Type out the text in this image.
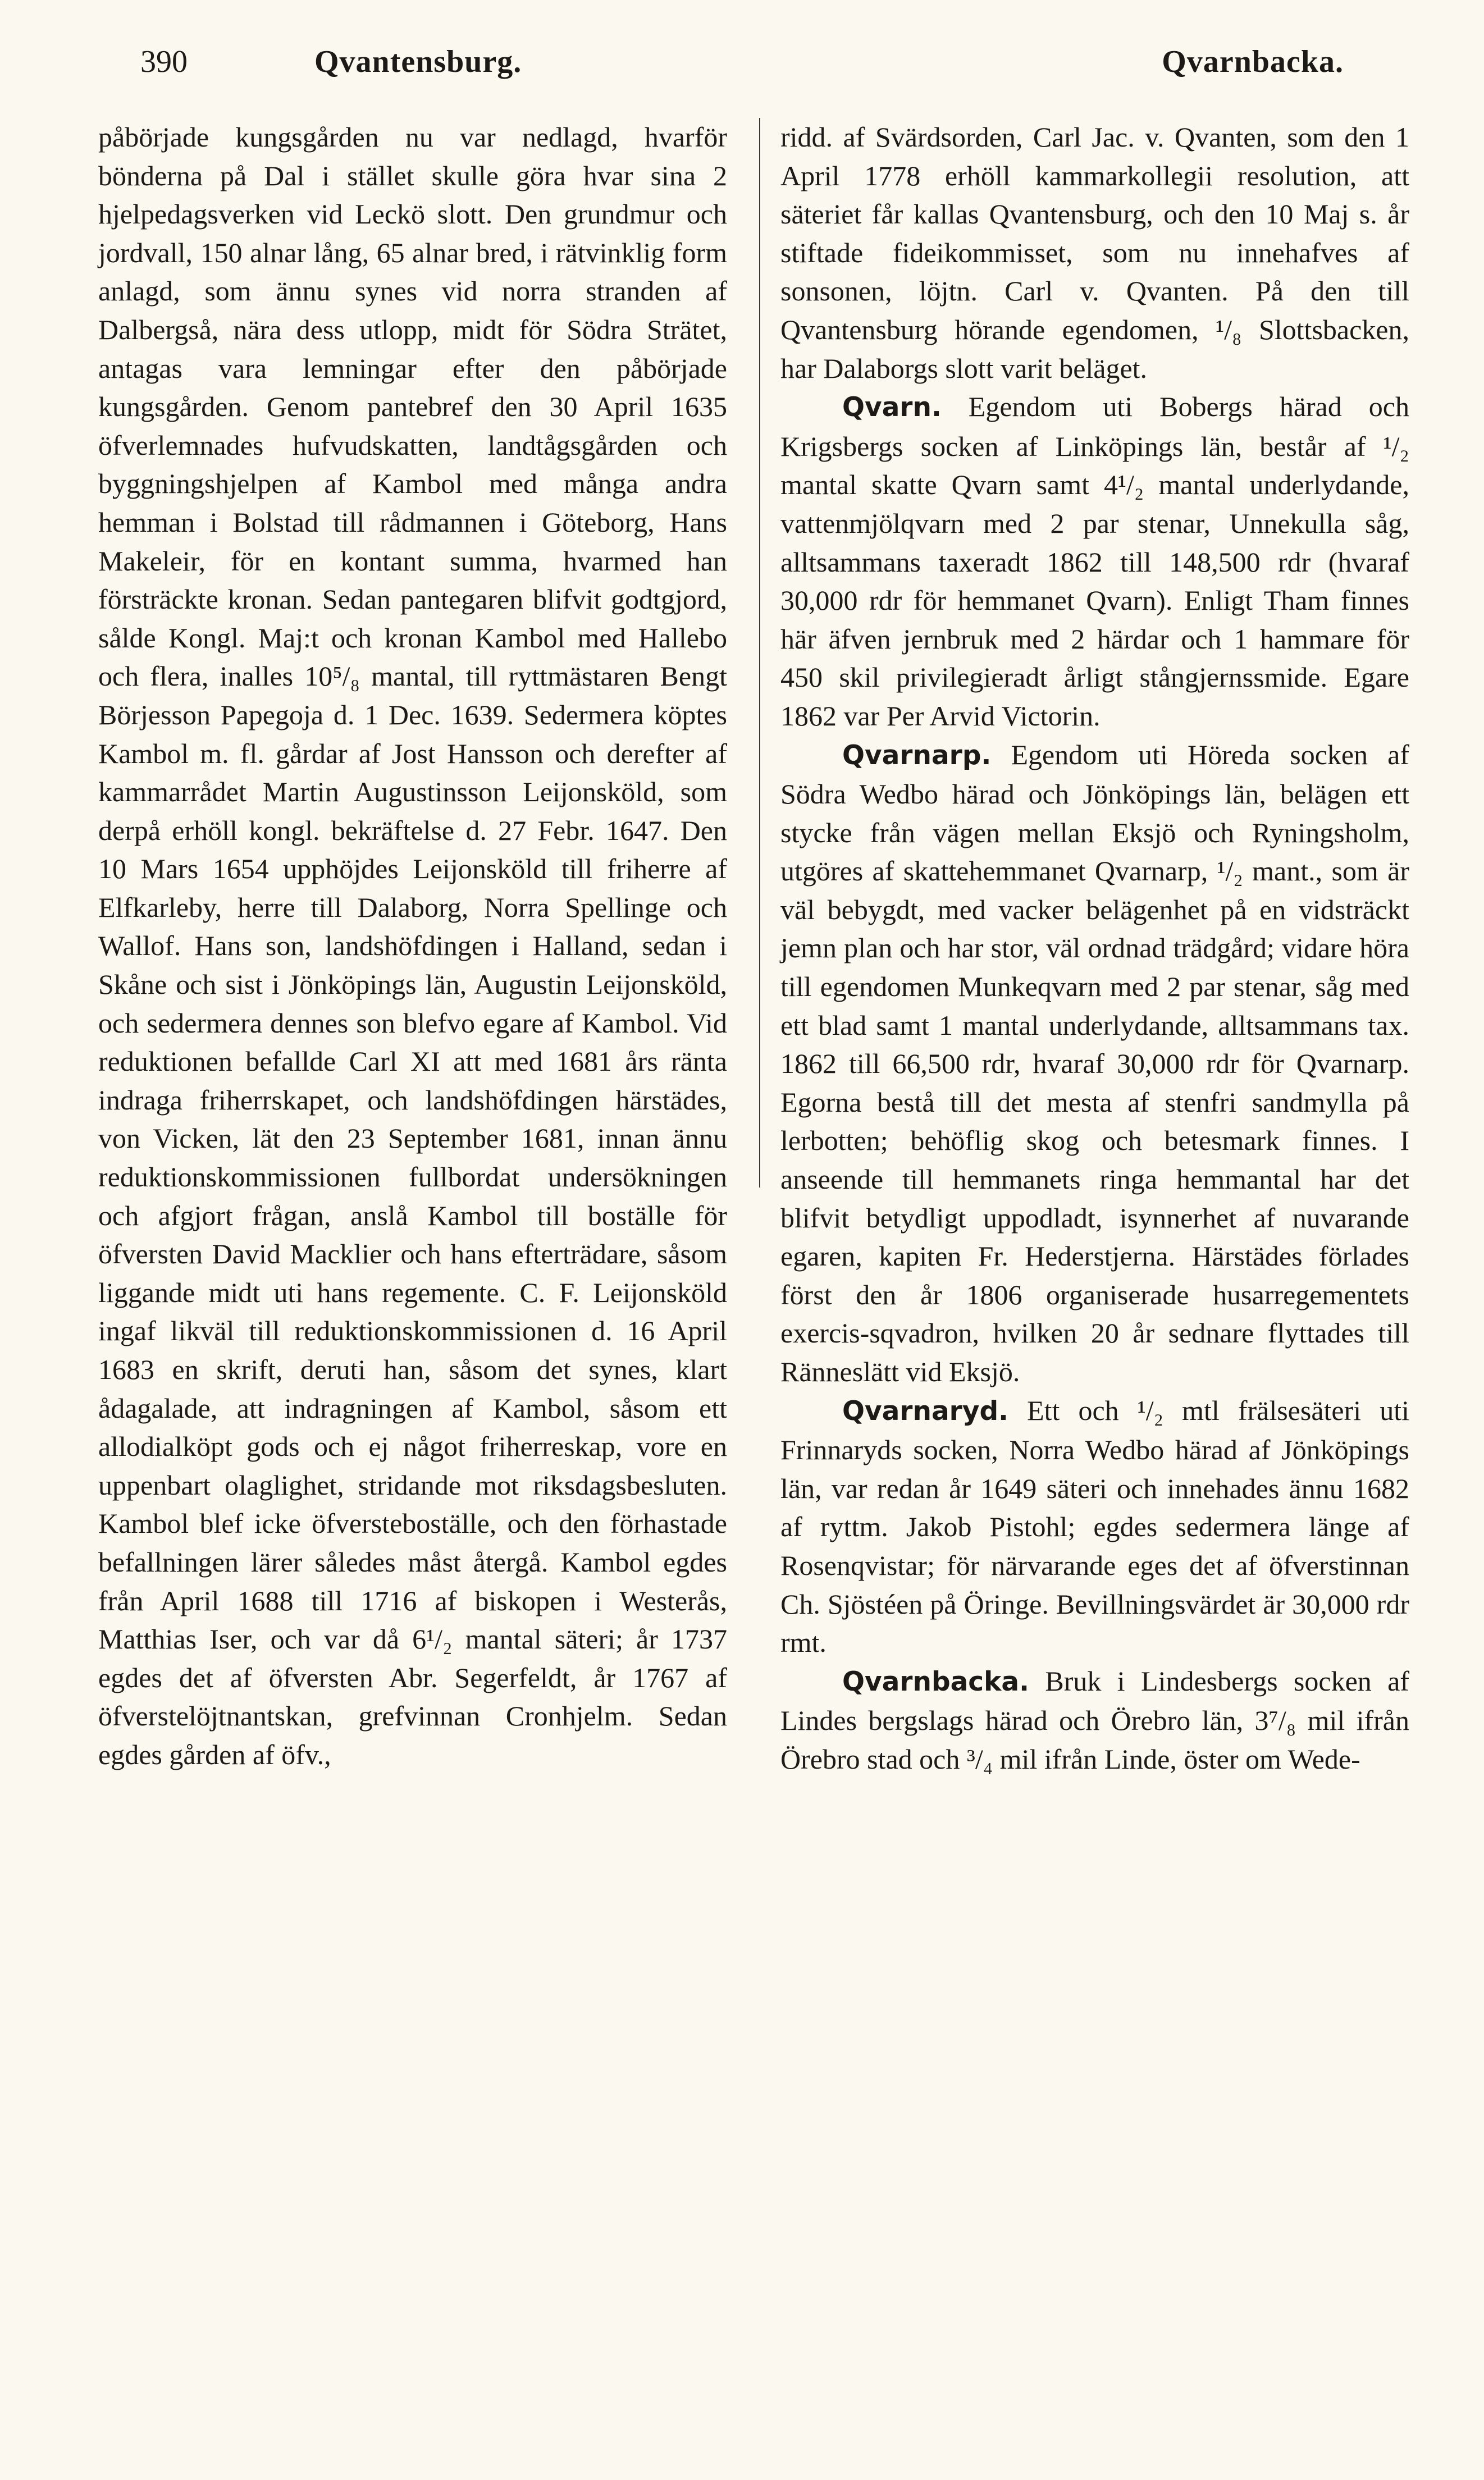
390	Qvantensburg.	Qvarnbacka.

påbörjade kungsgården nu var nedlagd, hvarför bönderna på Dal i stället skulle göra hvar sina 2 hjelpedagsverken vid Leckö slott. Den grundmur och jordvall, 150 alnar lång, 65 alnar bred, i rätvinklig form anlagd, som ännu synes vid norra stranden af Dalbergså, nära dess utlopp, midt för Södra Strätet, antagas vara lemningar efter den påbörjade kungsgården. Genom pantebref den 30 April 1635 öfverlemnades hufvudskatten, landtågsgården och byggningshjelpen af Kambol med många andra hemman i Bolstad till rådmannen i Göteborg, Hans Makeleir, för en kontant summa, hvarmed han försträckte kronan. Sedan pantegaren blifvit godtgjord, sålde Kongl. Maj:t och kronan Kambol med Hallebo och flera, inalles 10⁵/₈ mantal, till ryttmästaren Bengt Börjesson Papegoja d. 1 Dec. 1639. Sedermera köptes Kambol m. fl. gårdar af Jost Hansson och derefter af kammarrådet Martin Augustinsson Leijonsköld, som derpå erhöll kongl. bekräftelse d. 27 Febr. 1647. Den 10 Mars 1654 upphöjdes Leijonsköld till friherre af Elfkarleby, herre till Dalaborg, Norra Spellinge och Wallof. Hans son, landshöfdingen i Halland, sedan i Skåne och sist i Jönköpings län, Augustin Leijonsköld, och sedermera dennes son blefvo egare af Kambol. Vid reduktionen befallde Carl XI att med 1681 års ränta indraga friherrskapet, och landshöfdingen härstädes, von Vicken, lät den 23 September 1681, innan ännu reduktionskommissionen fullbordat undersökningen och afgjort frågan, anslå Kambol till boställe för öfversten David Macklier och hans efterträdare, såsom liggande midt uti hans regemente. C. F. Leijonsköld ingaf likväl till reduktionskommissionen d. 16 April 1683 en skrift, deruti han, såsom det synes, klart ådagalade, att indragningen af Kambol, såsom ett allodialköpt gods och ej något friherreskap, vore en uppenbart olaglighet, stridande mot riksdagsbesluten. Kambol blef icke öfversteboställe, och den förhastade befallningen lärer således måst återgå. Kambol egdes från April 1688 till 1716 af biskopen i Westerås, Matthias Iser, och var då 6¹/₂ mantal säteri; år 1737 egdes det af öfversten Abr. Segerfeldt, år 1767 af öfverstelöjtnantskan, grefvinnan Cronhjelm. Sedan egdes gården af öfv.,

ridd. af Svärdsorden, Carl Jac. v. Qvanten, som den 1 April 1778 erhöll kammarkollegii resolution, att säteriet får kallas Qvantensburg, och den 10 Maj s. år stiftade fideikommisset, som nu innehafves af sonsonen, löjtn. Carl v. Qvanten. På den till Qvantensburg hörande egendomen, ¹/₈ Slottsbacken, har Dalaborgs slott varit beläget.

Qvarn. Egendom uti Bobergs härad och Krigsbergs socken af Linköpings län, består af ¹/₂ mantal skatte Qvarn samt 4¹/₂ mantal underlydande, vattenmjölqvarn med 2 par stenar, Unnekulla såg, alltsammans taxeradt 1862 till 148,500 rdr (hvaraf 30,000 rdr för hemmanet Qvarn). Enligt Tham finnes här äfven jernbruk med 2 härdar och 1 hammare för 450 skil privilegieradt årligt stångjernssmide. Egare 1862 var Per Arvid Victorin.

Qvarnarp. Egendom uti Höreda socken af Södra Wedbo härad och Jönköpings län, belägen ett stycke från vägen mellan Eksjö och Ryningsholm, utgöres af skattehemmanet Qvarnarp, ¹/₂ mant., som är väl bebygdt, med vacker belägenhet på en vidsträckt jemn plan och har stor, väl ordnad trädgård; vidare höra till egendomen Munkeqvarn med 2 par stenar, såg med ett blad samt 1 mantal underlydande, alltsammans tax. 1862 till 66,500 rdr, hvaraf 30,000 rdr för Qvarnarp. Egorna bestå till det mesta af stenfri sandmylla på lerbotten; behöflig skog och betesmark finnes. I anseende till hemmanets ringa hemmantal har det blifvit betydligt uppodladt, isynnerhet af nuvarande egaren, kapiten Fr. Hederstjerna. Härstädes förlades först den år 1806 organiserade husarregementets exercis-sqvadron, hvilken 20 år sednare flyttades till Ränneslätt vid Eksjö.

Qvarnaryd. Ett och ¹/₂ mtl frälsesäteri uti Frinnaryds socken, Norra Wedbo härad af Jönköpings län, var redan år 1649 säteri och innehades ännu 1682 af ryttm. Jakob Pistohl; egdes sedermera länge af Rosenqvistar; för närvarande eges det af öfverstinnan Ch. Sjöstéen på Öringe. Bevillningsvärdet är 30,000 rdr rmt.

Qvarnbacka. Bruk i Lindesbergs socken af Lindes bergslags härad och Örebro län, 3⁷/₈ mil ifrån Örebro stad och ³/₄ mil ifrån Linde, öster om Wede-
